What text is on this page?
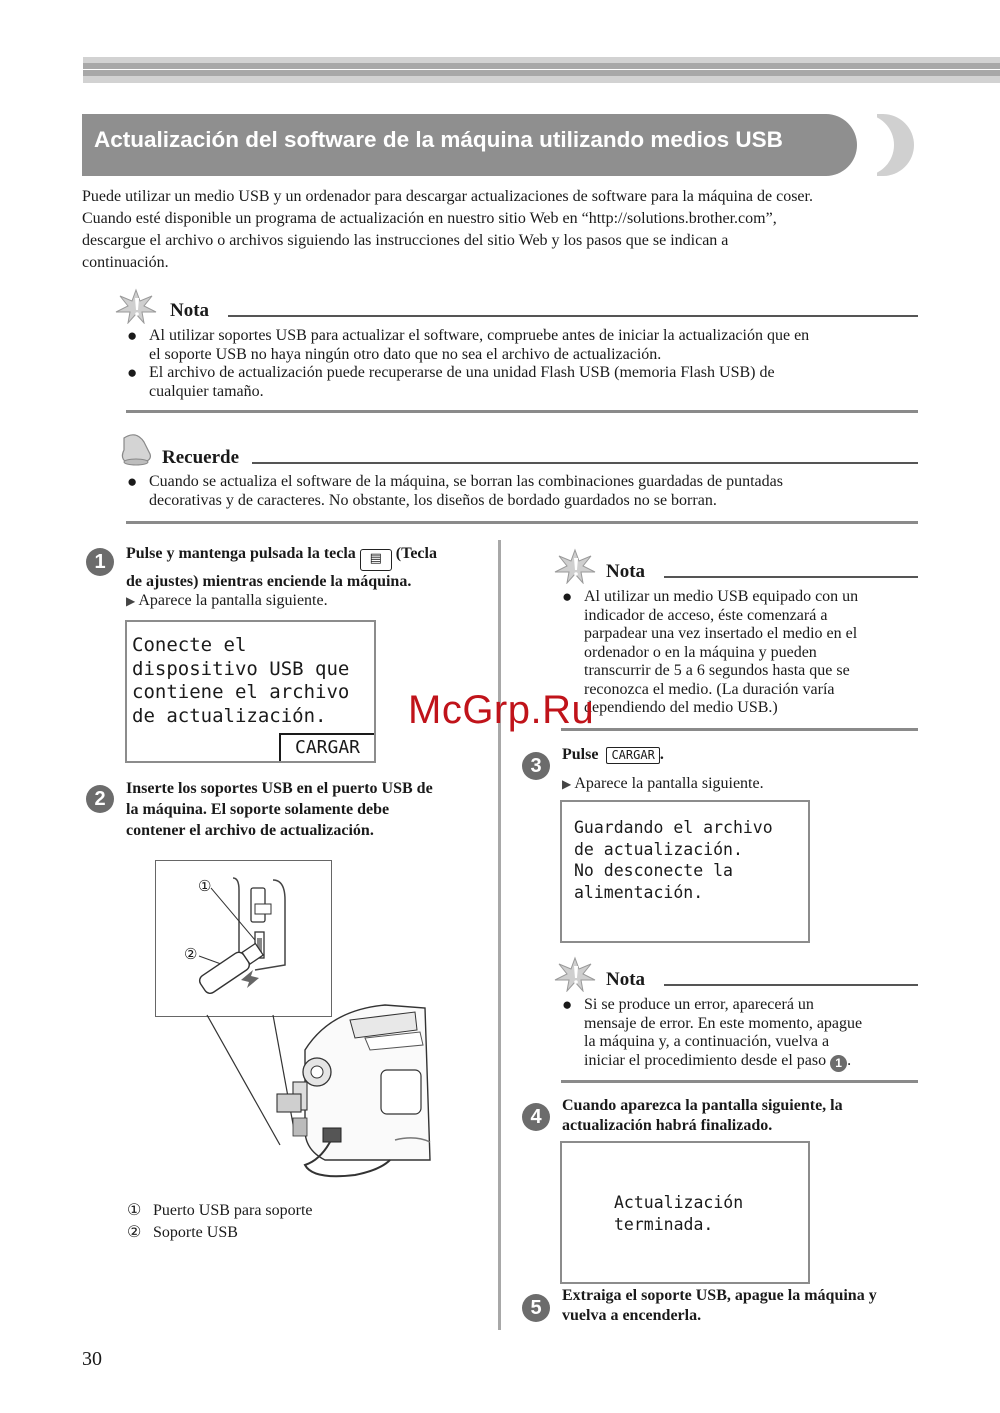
Actualización del software de la máquina utilizando medios USB
Puede utilizar un medio USB y un ordenador para descargar actualizaciones de software para la máquina de coser.
Cuando esté disponible un programa de actualización en nuestro sitio Web en “http://solutions.brother.com”,
descargue el archivo o archivos siguiendo las instrucciones del sitio Web y los pasos que se indican a
continuación.
Nota
● Al utilizar soportes USB para actualizar el software, compruebe antes de iniciar la actualización que en
el soporte USB no haya ningún otro dato que no sea el archivo de actualización.
● El archivo de actualización puede recuperarse de una unidad Flash USB (memoria Flash USB) de
cualquier tamaño.
Recuerde
● Cuando se actualiza el software de la máquina, se borran las combinaciones guardadas de puntadas
decorativas y de caracteres. No obstante, los diseños de bordado guardados no se borran.
1	Pulse y mantenga pulsada la tecla ▤ (Tecla
de ajustes) mientras enciende la máquina.
▶ Aparece la pantalla siguiente.
Conecte el
dispositivo USB que
contiene el archivo
de actualización.
CARGAR
2	Inserte los soportes USB en el puerto USB de
la máquina. El soporte solamente debe
contener el archivo de actualización.
①
②
① Puerto USB para soporte
② Soporte USB
Nota
● Al utilizar un medio USB equipado con un
indicador de acceso, éste comenzará a
parpadear una vez insertado el medio en el
ordenador o en la máquina y pueden
transcurrir de 5 a 6 segundos hasta que se
reconozca el medio. (La duración varía
dependiendo del medio USB.)
McGrp.Ru
3
Pulse CARGAR .
▶ Aparece la pantalla siguiente.
Guardando el archivo
de actualización.
No desconecte la
alimentación.
Nota
● Si se produce un error, aparecerá un
mensaje de error. En este momento, apague
la máquina y, a continuación, vuelva a
iniciar el procedimiento desde el paso 1 .
4
Cuando aparezca la pantalla siguiente, la
actualización habrá finalizado.
Actualización
terminada.
5
Extraiga el soporte USB, apague la máquina y
vuelva a encenderla.
30
